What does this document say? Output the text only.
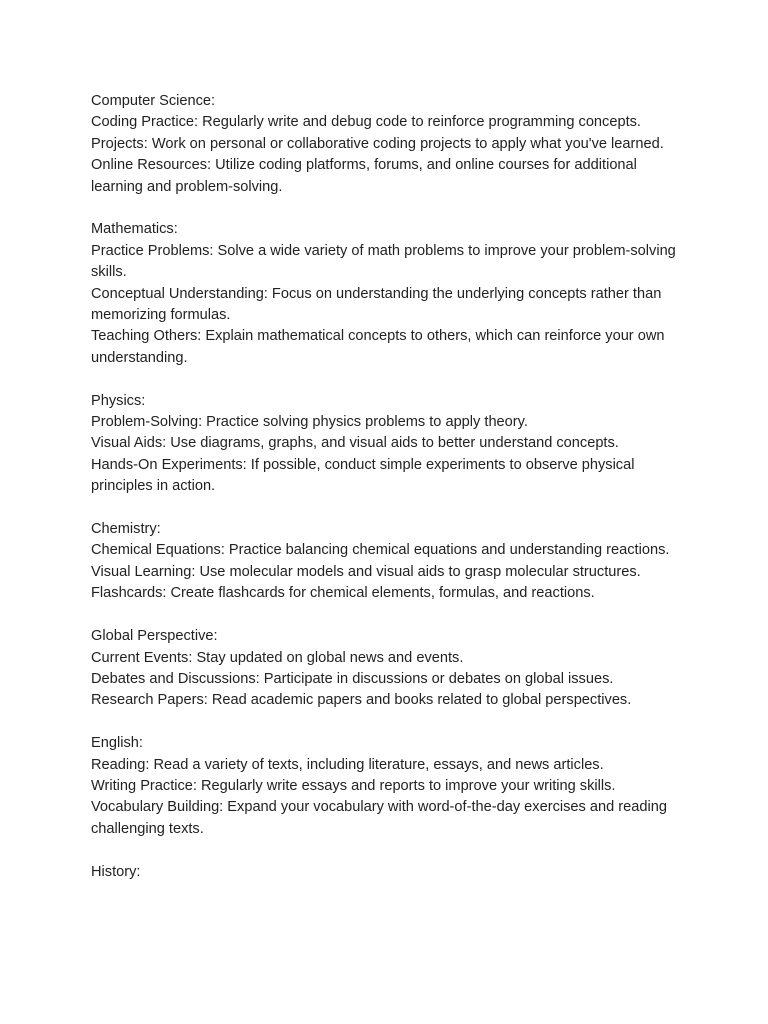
Computer Science:
Coding Practice: Regularly write and debug code to reinforce programming concepts.
Projects: Work on personal or collaborative coding projects to apply what you've learned.
Online Resources: Utilize coding platforms, forums, and online courses for additional learning and problem-solving.
Mathematics:
Practice Problems: Solve a wide variety of math problems to improve your problem-solving skills.
Conceptual Understanding: Focus on understanding the underlying concepts rather than memorizing formulas.
Teaching Others: Explain mathematical concepts to others, which can reinforce your own understanding.
Physics:
Problem-Solving: Practice solving physics problems to apply theory.
Visual Aids: Use diagrams, graphs, and visual aids to better understand concepts.
Hands-On Experiments: If possible, conduct simple experiments to observe physical principles in action.
Chemistry:
Chemical Equations: Practice balancing chemical equations and understanding reactions.
Visual Learning: Use molecular models and visual aids to grasp molecular structures.
Flashcards: Create flashcards for chemical elements, formulas, and reactions.
Global Perspective:
Current Events: Stay updated on global news and events.
Debates and Discussions: Participate in discussions or debates on global issues.
Research Papers: Read academic papers and books related to global perspectives.
English:
Reading: Read a variety of texts, including literature, essays, and news articles.
Writing Practice: Regularly write essays and reports to improve your writing skills.
Vocabulary Building: Expand your vocabulary with word-of-the-day exercises and reading challenging texts.
History:
